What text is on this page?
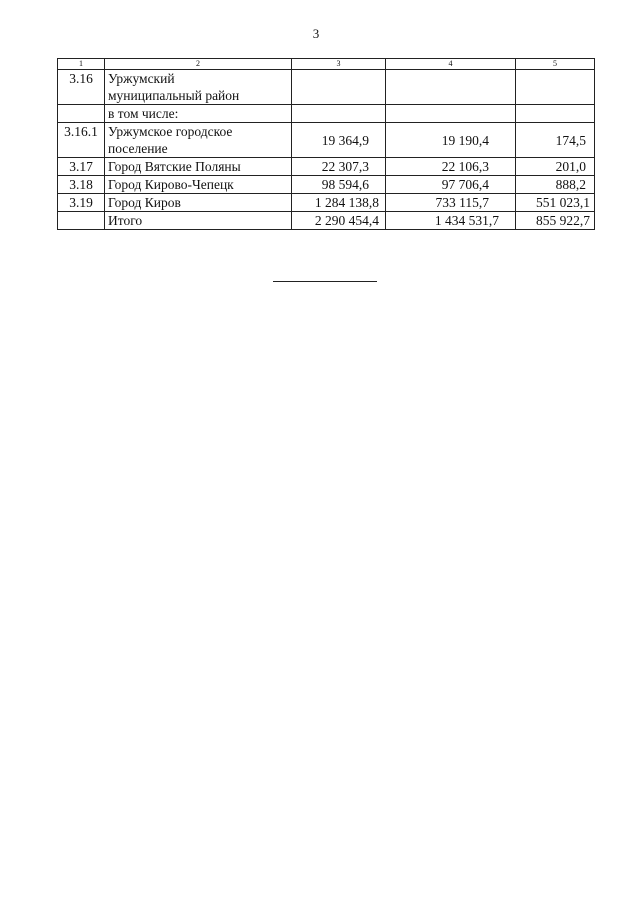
3
1	2	3	4	5
3.16	Уржумский
муниципальный район			

	в том числе:			

3.16.1	Уржумское городское
поселение	19 364,9	19 190,4	174,5
3.17	Город Вятские Поляны	22 307,3	22 106,3	201,0
3.18	Город Кирово-Чепецк	98 594,6	97 706,4	888,2
3.19	Город Киров	1 284 138,8	733 115,7	551 023,1

	Итого	2 290 454,4	1 434 531,7	855 922,7
